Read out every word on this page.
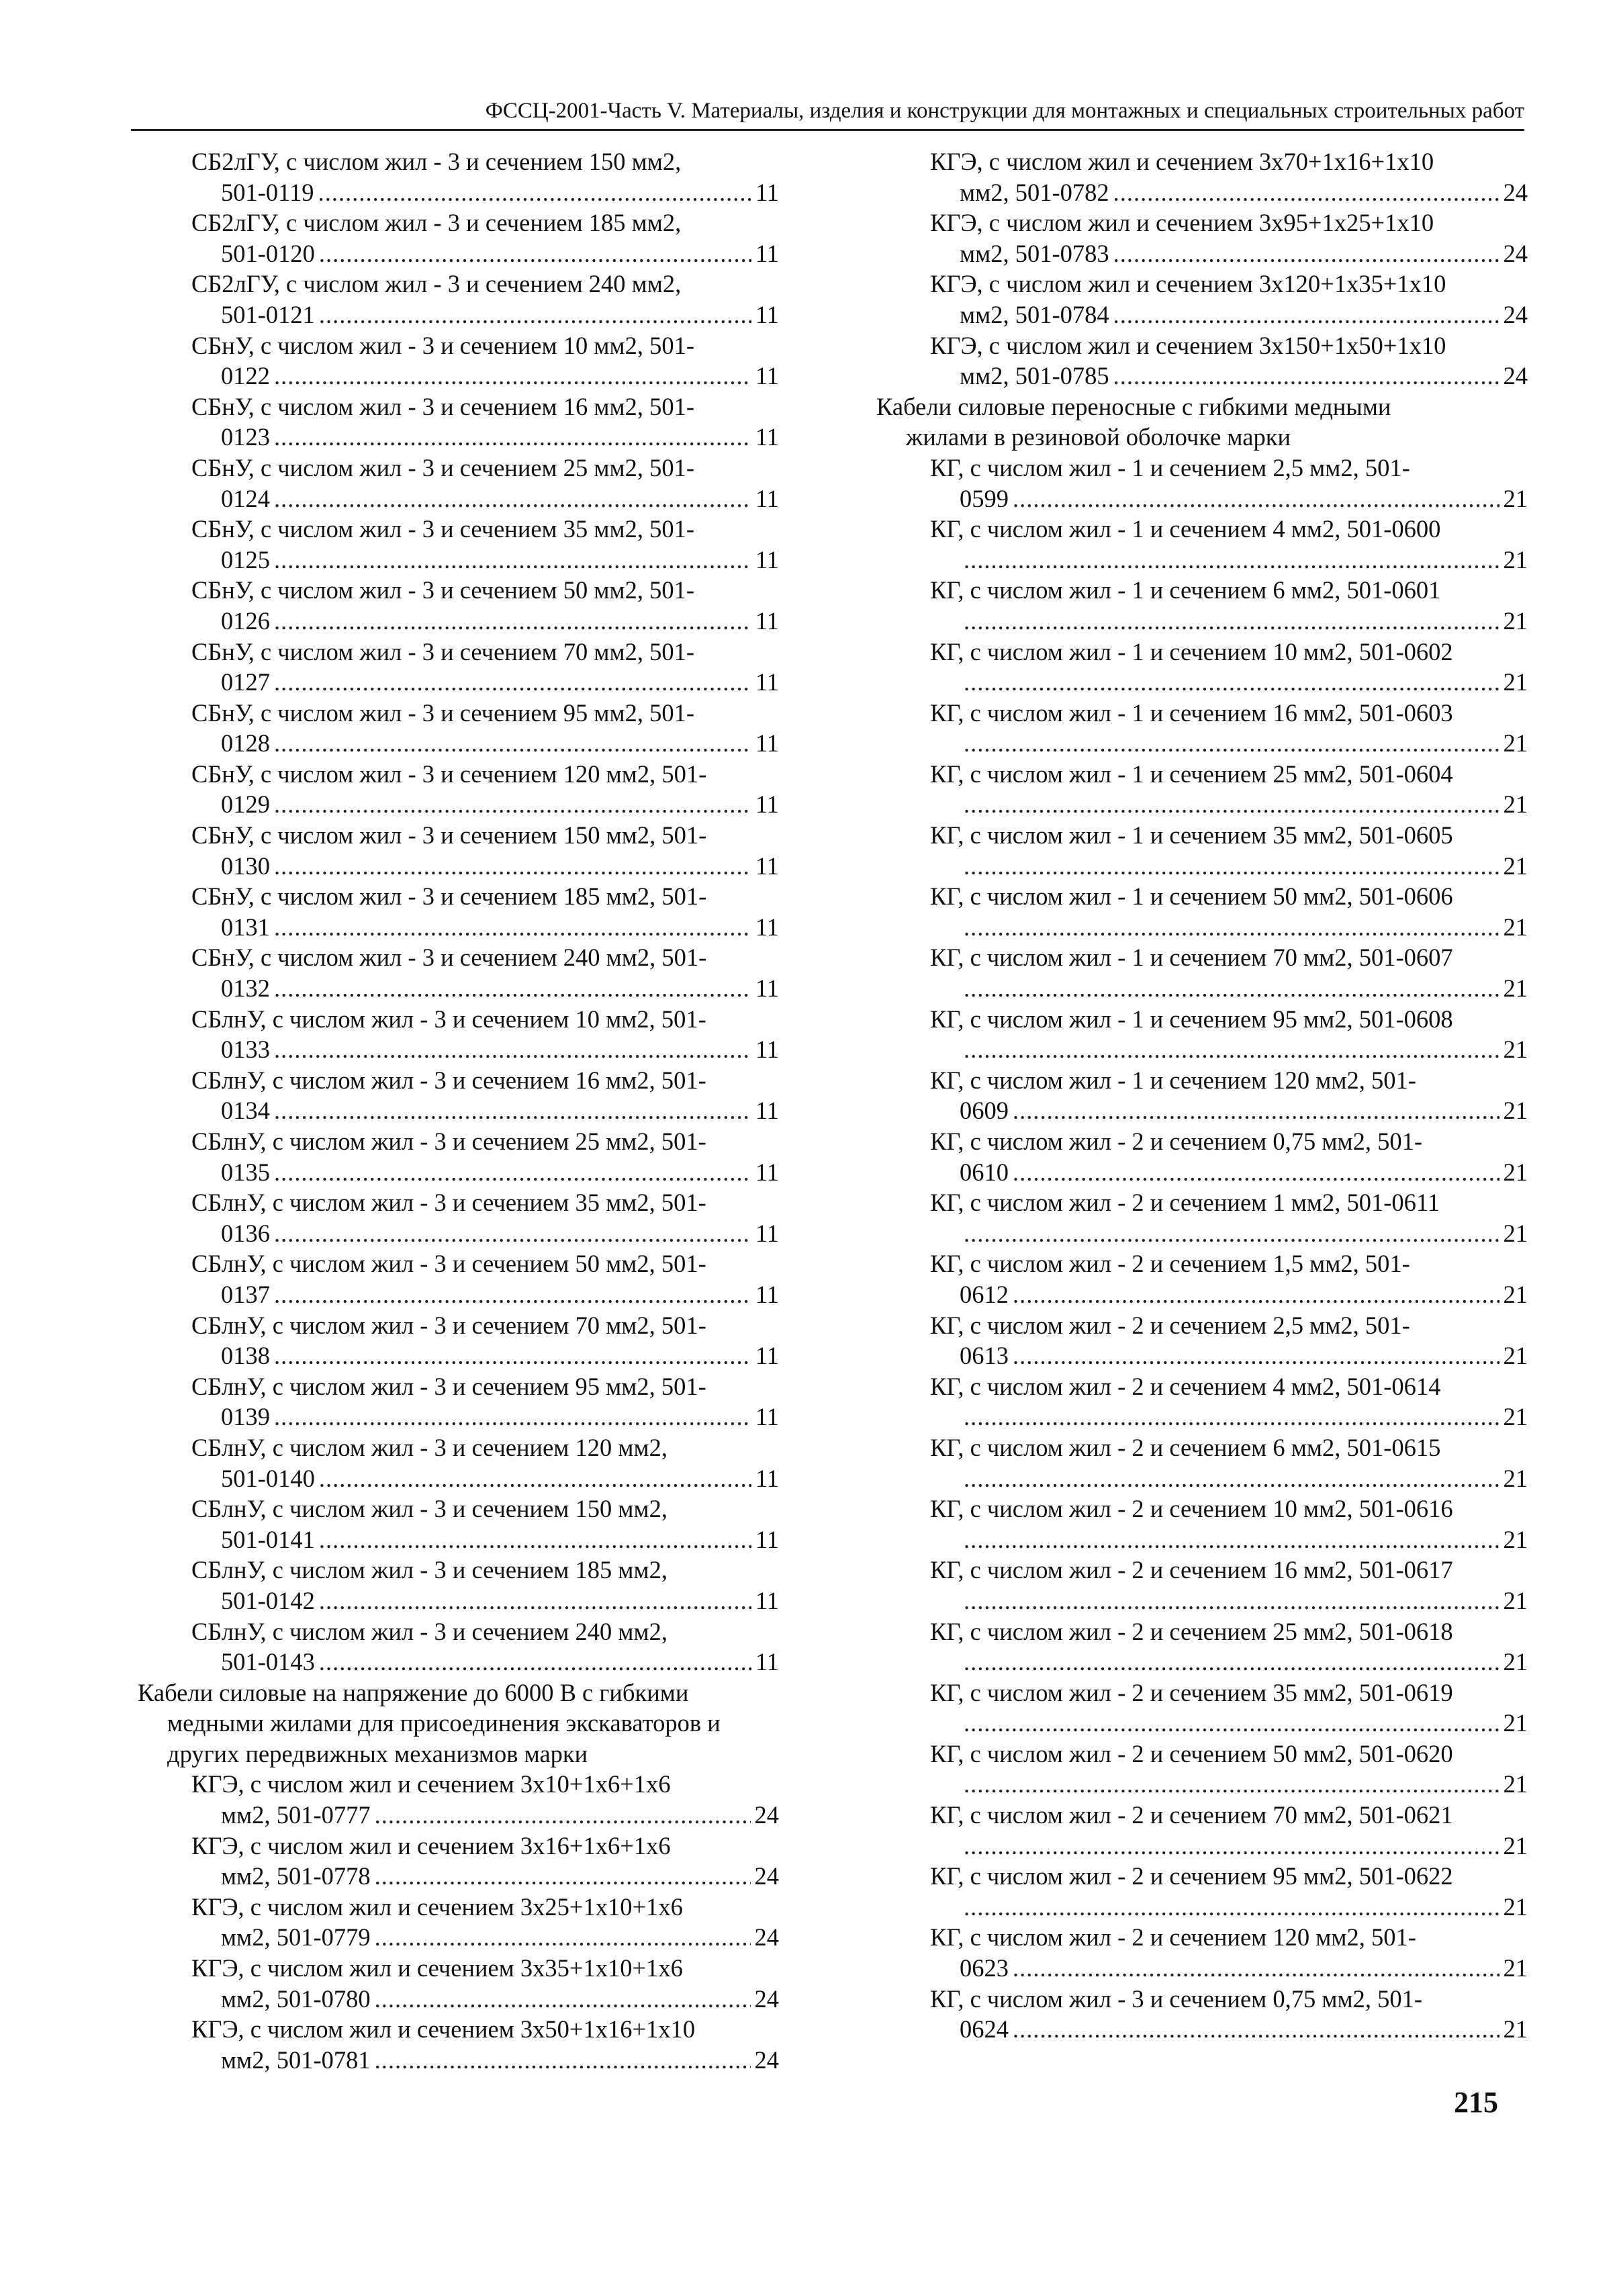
ФССЦ-2001-Часть V. Материалы, изделия и конструкции для монтажных и специальных строительных работ
СБ2лГУ, с числом жил - 3 и сечением 150 мм2,
501-0119 .....	11
СБ2лГУ, с числом жил - 3 и сечением 185 мм2,
501-0120 .....	11
СБ2лГУ, с числом жил - 3 и сечением 240 мм2,
501-0121 .....	11
СБнУ, с числом жил - 3 и сечением 10 мм2, 501-
0122 .....	11
СБнУ, с числом жил - 3 и сечением 16 мм2, 501-
0123 .....	11
СБнУ, с числом жил - 3 и сечением 25 мм2, 501-
0124 .....	11
СБнУ, с числом жил - 3 и сечением 35 мм2, 501-
0125 .....	11
СБнУ, с числом жил - 3 и сечением 50 мм2, 501-
0126 .....	11
СБнУ, с числом жил - 3 и сечением 70 мм2, 501-
0127 .....	11
СБнУ, с числом жил - 3 и сечением 95 мм2, 501-
0128 .....	11
СБнУ, с числом жил - 3 и сечением 120 мм2, 501-
0129 .....	11
СБнУ, с числом жил - 3 и сечением 150 мм2, 501-
0130 .....	11
СБнУ, с числом жил - 3 и сечением 185 мм2, 501-
0131 .....	11
СБнУ, с числом жил - 3 и сечением 240 мм2, 501-
0132 .....	11
СБлнУ, с числом жил - 3 и сечением 10 мм2, 501-
0133 .....	11
СБлнУ, с числом жил - 3 и сечением 16 мм2, 501-
0134 .....	11
СБлнУ, с числом жил - 3 и сечением 25 мм2, 501-
0135 .....	11
СБлнУ, с числом жил - 3 и сечением 35 мм2, 501-
0136 .....	11
СБлнУ, с числом жил - 3 и сечением 50 мм2, 501-
0137 .....	11
СБлнУ, с числом жил - 3 и сечением 70 мм2, 501-
0138 .....	11
СБлнУ, с числом жил - 3 и сечением 95 мм2, 501-
0139 .....	11
СБлнУ, с числом жил - 3 и сечением 120 мм2,
501-0140 .....	11
СБлнУ, с числом жил - 3 и сечением 150 мм2,
501-0141 .....	11
СБлнУ, с числом жил - 3 и сечением 185 мм2,
501-0142 .....	11
СБлнУ, с числом жил - 3 и сечением 240 мм2,
501-0143 .....	11
Кабели силовые на напряжение до 6000 В с гибкими
медными жилами для присоединения экскаваторов и
других передвижных механизмов марки
КГЭ, с числом жил и сечением 3x10+1x6+1x6
мм2, 501-0777 .....	24
КГЭ, с числом жил и сечением 3x16+1x6+1x6
мм2, 501-0778 .....	24
КГЭ, с числом жил и сечением 3x25+1x10+1x6
мм2, 501-0779 .....	24
КГЭ, с числом жил и сечением 3x35+1x10+1x6
мм2, 501-0780 .....	24
КГЭ, с числом жил и сечением 3x50+1x16+1x10
мм2, 501-0781 .....	24
КГЭ, с числом жил и сечением 3x70+1x16+1x10
мм2, 501-0782 .....	24
КГЭ, с числом жил и сечением 3x95+1x25+1x10
мм2, 501-0783 .....	24
КГЭ, с числом жил и сечением 3x120+1x35+1x10
мм2, 501-0784 .....	24
КГЭ, с числом жил и сечением 3x150+1x50+1x10
мм2, 501-0785 .....	24
Кабели силовые переносные с гибкими медными
жилами в резиновой оболочке марки
КГ, с числом жил - 1 и сечением 2,5 мм2, 501-
0599 .....	21
КГ, с числом жил - 1 и сечением 4 мм2, 501-0600
.....
21
КГ, с числом жил - 1 и сечением 6 мм2, 501-0601
.....
21
КГ, с числом жил - 1 и сечением 10 мм2, 501-0602
.....
21
КГ, с числом жил - 1 и сечением 16 мм2, 501-0603
.....
21
КГ, с числом жил - 1 и сечением 25 мм2, 501-0604
.....
21
КГ, с числом жил - 1 и сечением 35 мм2, 501-0605
.....
21
КГ, с числом жил - 1 и сечением 50 мм2, 501-0606
.....
21
КГ, с числом жил - 1 и сечением 70 мм2, 501-0607
.....
21
КГ, с числом жил - 1 и сечением 95 мм2, 501-0608
.....
21
КГ, с числом жил - 1 и сечением 120 мм2, 501-
0609 .....	21
КГ, с числом жил - 2 и сечением 0,75 мм2, 501-
0610 .....	21
КГ, с числом жил - 2 и сечением 1 мм2, 501-0611
.....
21
КГ, с числом жил - 2 и сечением 1,5 мм2, 501-
0612 .....	21
КГ, с числом жил - 2 и сечением 2,5 мм2, 501-
0613 .....	21
КГ, с числом жил - 2 и сечением 4 мм2, 501-0614
.....
21
КГ, с числом жил - 2 и сечением 6 мм2, 501-0615
.....
21
КГ, с числом жил - 2 и сечением 10 мм2, 501-0616
.....
21
КГ, с числом жил - 2 и сечением 16 мм2, 501-0617
.....
21
КГ, с числом жил - 2 и сечением 25 мм2, 501-0618
.....
21
КГ, с числом жил - 2 и сечением 35 мм2, 501-0619
.....
21
КГ, с числом жил - 2 и сечением 50 мм2, 501-0620
.....
21
КГ, с числом жил - 2 и сечением 70 мм2, 501-0621
.....
21
КГ, с числом жил - 2 и сечением 95 мм2, 501-0622
.....
21
КГ, с числом жил - 2 и сечением 120 мм2, 501-
0623 .....	21
КГ, с числом жил - 3 и сечением 0,75 мм2, 501-
0624 .....	21
215
